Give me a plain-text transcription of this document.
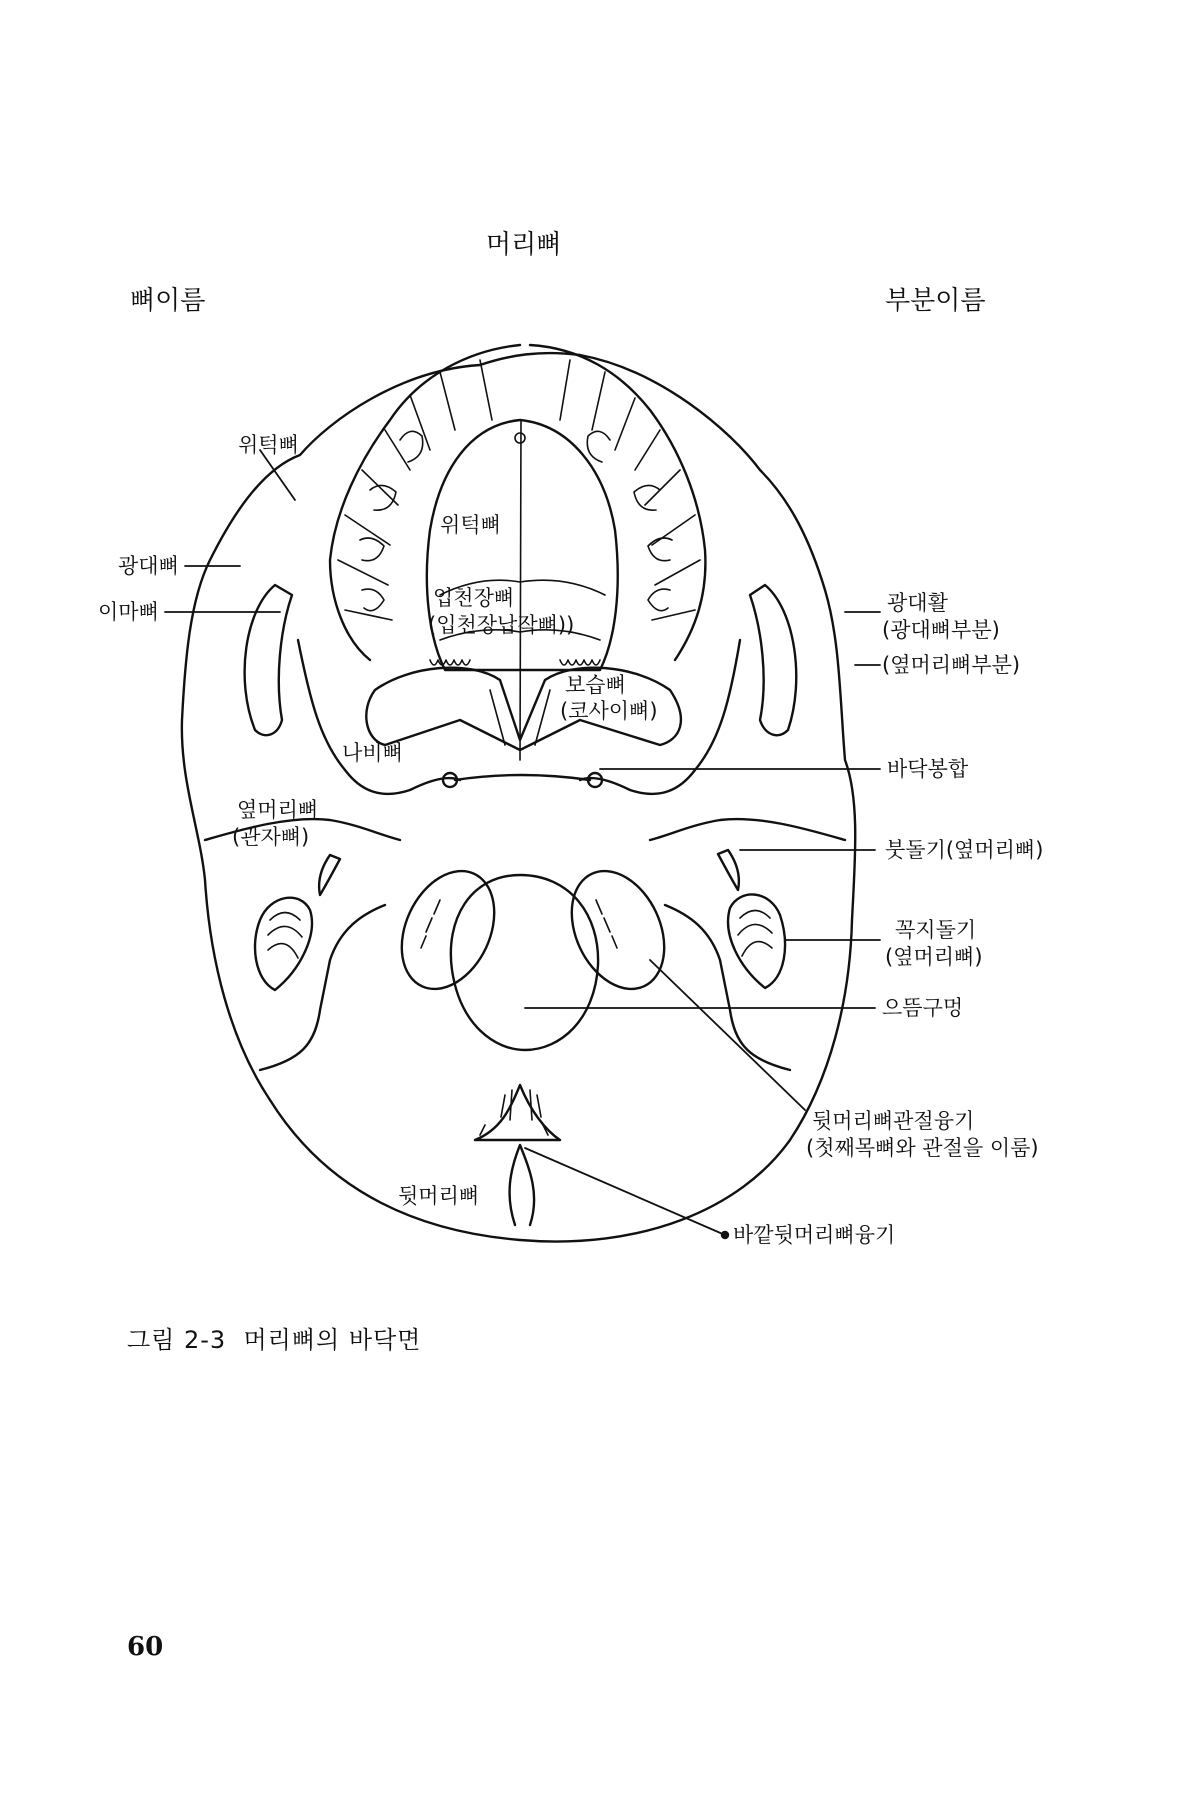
머리뼈
뼈이름	부분이름
위턱뼈
광대뼈
이마뼈
나비뼈
옆머리뼈
(관자뼈)
뒷머리뼈
위턱뼈
입천장뼈
(입천장납작뼈))
보습뼈
(코사이뼈)
광대활
(광대뼈부분)
(옆머리뼈부분)
바닥봉합
붓돌기(옆머리뼈)
꼭지돌기
(옆머리뼈)
으뜸구멍
뒷머리뼈관절융기
(첫째목뼈와 관절을 이룸)
바깥뒷머리뼈융기
그림 2-3  머리뼈의 바닥면
60
